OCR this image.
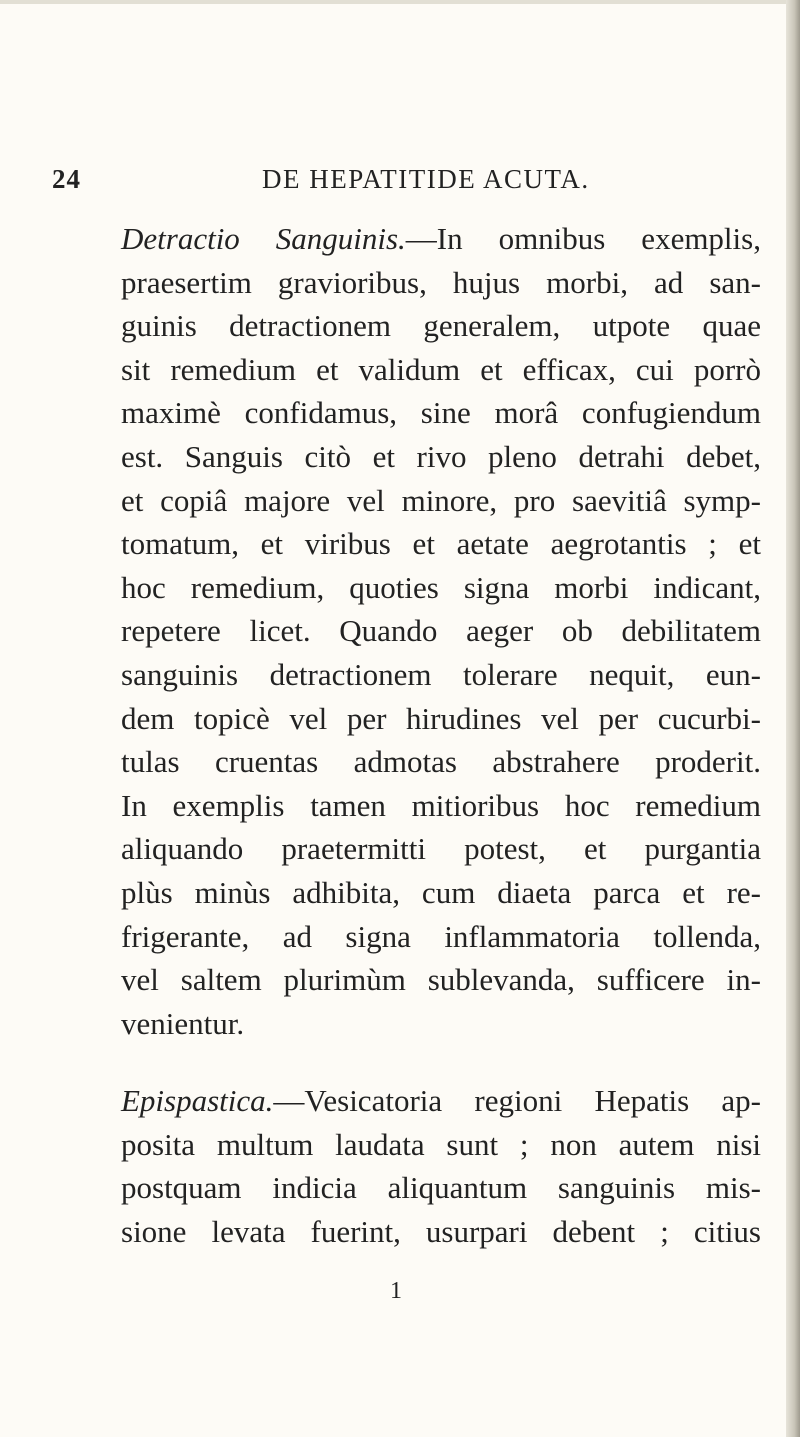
24	DE HEPATITIDE ACUTA.
Detractio Sanguinis.—In omnibus exemplis,
praesertim gravioribus, hujus morbi, ad san-
guinis detractionem generalem, utpote quae
sit remedium et validum et efficax, cui porrò
maximè confidamus, sine morâ confugiendum
est. Sanguis citò et rivo pleno detrahi debet,
et copiâ majore vel minore, pro saevitiâ symp-
tomatum, et viribus et aetate aegrotantis ; et
hoc remedium, quoties signa morbi indicant,
repetere licet. Quando aeger ob debilitatem
sanguinis detractionem tolerare nequit, eun-
dem topicè vel per hirudines vel per cucurbi-
tulas cruentas admotas abstrahere proderit.
In exemplis tamen mitioribus hoc remedium
aliquando praetermitti potest, et purgantia
plùs minùs adhibita, cum diaeta parca et re-
frigerante, ad signa inflammatoria tollenda,
vel saltem plurimùm sublevanda, sufficere in-
venientur.
Epispastica.—Vesicatoria regioni Hepatis ap-
posita multum laudata sunt ; non autem nisi
postquam indicia aliquantum sanguinis mis-
sione levata fuerint, usurpari debent ; citius
1
